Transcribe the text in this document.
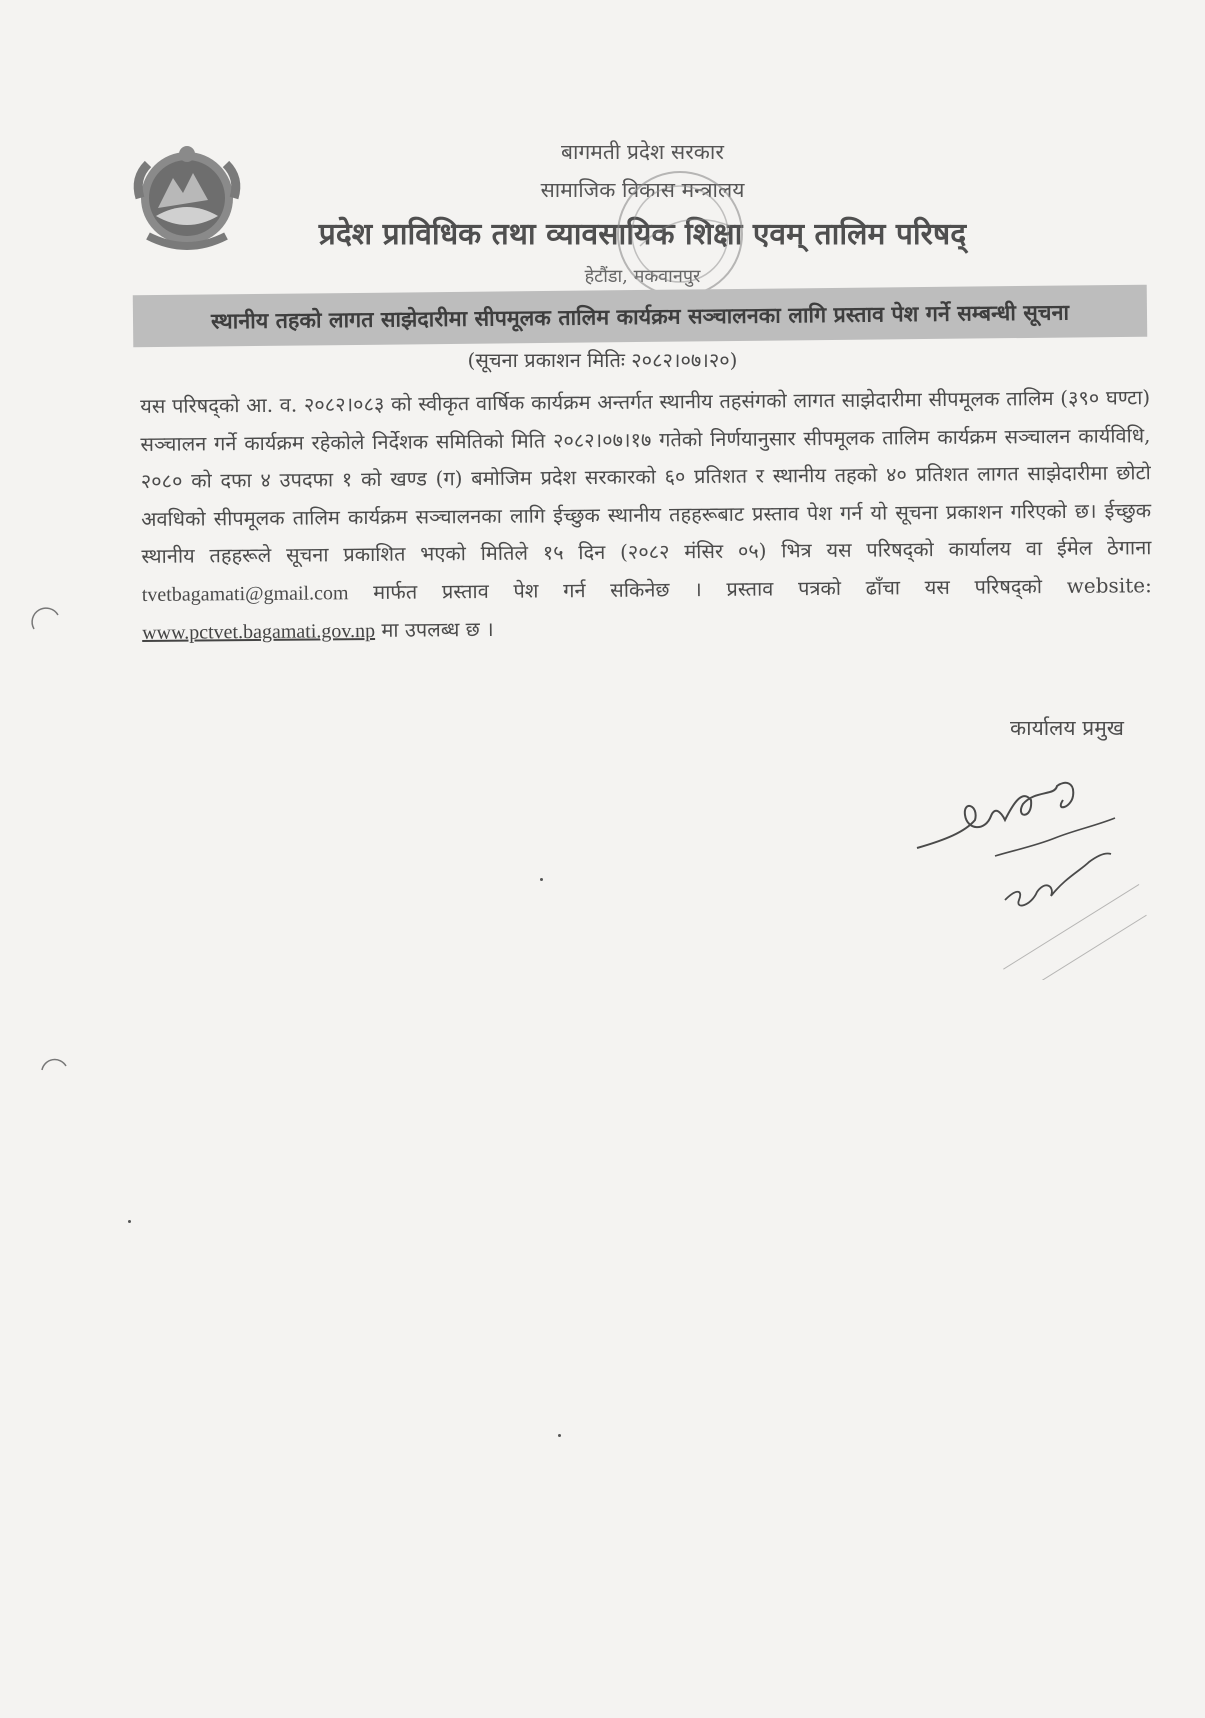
बागमती प्रदेश सरकार
सामाजिक विकास मन्त्रालय
प्रदेश प्राविधिक तथा व्यावसायिक शिक्षा एवम् तालिम परिषद्
हेटौंडा, मकवानपुर
स्थानीय तहको लागत साझेदारीमा सीपमूलक तालिम कार्यक्रम सञ्चालनका लागि प्रस्ताव पेश गर्ने सम्बन्धी सूचना
(सूचना प्रकाशन मितिः २०८२।०७।२०)
यस परिषद्को आ. व. २०८२।०८३ को स्वीकृत वार्षिक कार्यक्रम अन्तर्गत स्थानीय तहसंगको लागत साझेदारीमा सीपमूलक तालिम (३९० घण्टा) सञ्चालन गर्ने कार्यक्रम रहेकोले निर्देशक समितिको मिति २०८२।०७।१७ गतेको निर्णयानुसार सीपमूलक तालिम कार्यक्रम सञ्चालन कार्यविधि, २०८० को दफा ४ उपदफा १ को खण्ड (ग) बमोजिम प्रदेश सरकारको ६० प्रतिशत र स्थानीय तहको ४० प्रतिशत लागत साझेदारीमा छोटो अवधिको सीपमूलक तालिम कार्यक्रम सञ्चालनका लागि ईच्छुक स्थानीय तहहरूबाट प्रस्ताव पेश गर्न यो सूचना प्रकाशन गरिएको छ। ईच्छुक स्थानीय तहहरूले सूचना प्रकाशित भएको मितिले १५ दिन (२०८२ मंसिर ०५) भित्र यस परिषद्को कार्यालय वा ईमेल ठेगाना tvetbagamati@gmail.com मार्फत प्रस्ताव पेश गर्न सकिनेछ । प्रस्ताव पत्रको ढाँचा यस परिषद्को website: www.pctvet.bagamati.gov.np मा उपलब्ध छ ।
कार्यालय प्रमुख
